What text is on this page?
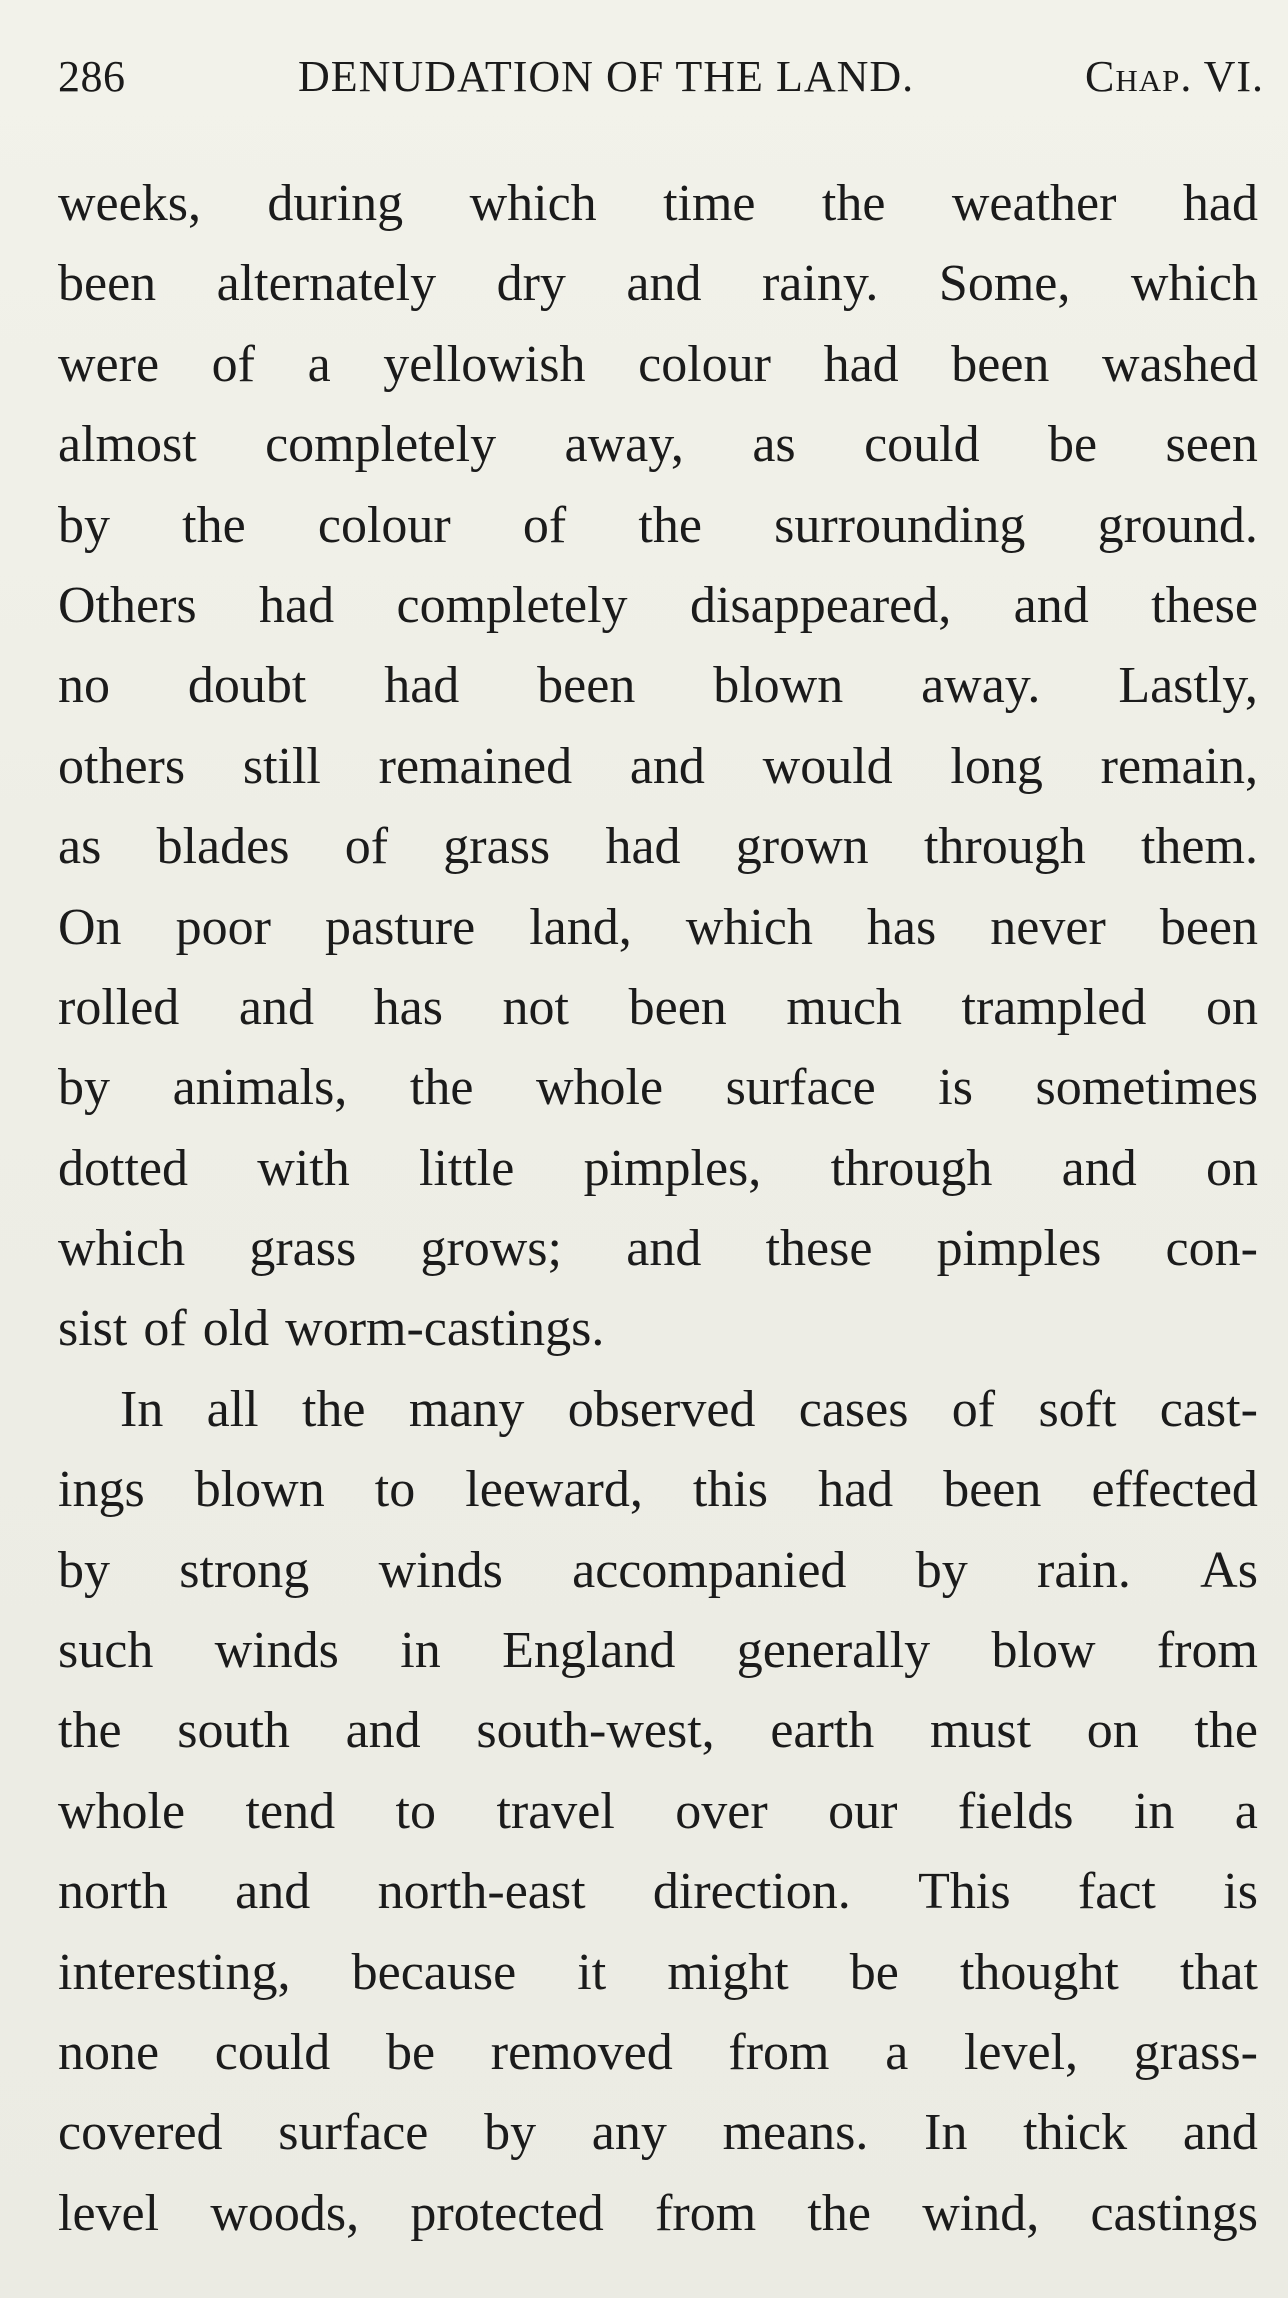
286	DENUDATION OF THE LAND.	Chap. VI.
weeks, during which time the weather had
been alternately dry and rainy. Some, which
were of a yellowish colour had been washed
almost completely away, as could be seen
by the colour of the surrounding ground.
Others had completely disappeared, and these
no doubt had been blown away. Lastly,
others still remained and would long remain,
as blades of grass had grown through them.
On poor pasture land, which has never been
rolled and has not been much trampled on
by animals, the whole surface is sometimes
dotted with little pimples, through and on
which grass grows; and these pimples con-
sist of old worm-castings.
In all the many observed cases of soft cast-
ings blown to leeward, this had been effected
by strong winds accompanied by rain. As
such winds in England generally blow from
the south and south-west, earth must on the
whole tend to travel over our fields in a
north and north-east direction. This fact is
interesting, because it might be thought that
none could be removed from a level, grass-
covered surface by any means. In thick and
level woods, protected from the wind, castings
